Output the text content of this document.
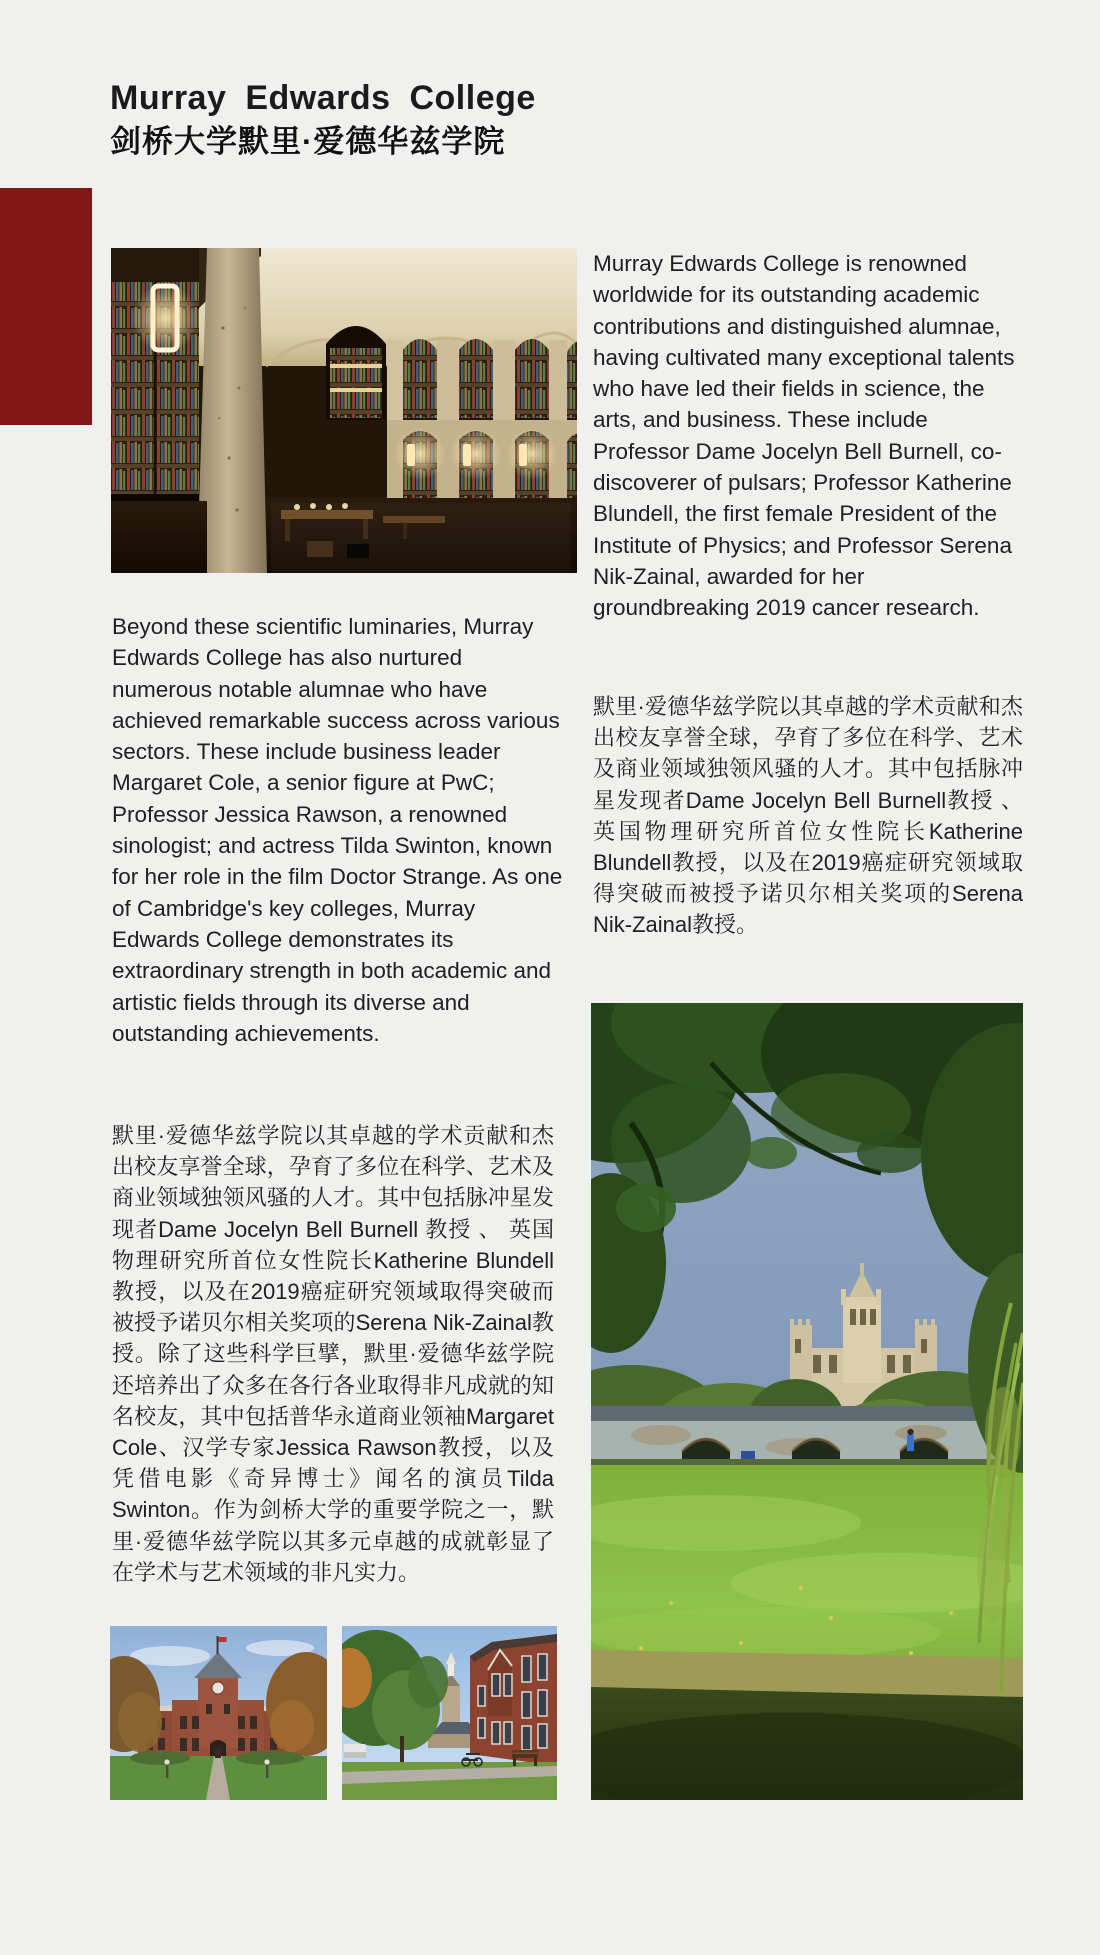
Murray Edwards College
剑桥大学默里·爱德华兹学院

Beyond these scientific luminaries, Murray Edwards College has also nurtured numerous notable alumnae who have achieved remarkable success across various sectors. These include business leader Margaret Cole, a senior figure at PwC; Professor Jessica Rawson, a renowned sinologist; and actress Tilda Swinton, known for her role in the film Doctor Strange. As one of Cambridge's key colleges, Murray Edwards College demonstrates its extraordinary strength in both academic and artistic fields through its diverse and outstanding achievements.

默里·爱德华兹学院以其卓越的学术贡献和杰出校友享誉全球，孕育了多位在科学、艺术及商业领域独领风骚的人才。其中包括脉冲星发现者Dame Jocelyn Bell Burnell 教授 、 英国物理研究所首位女性院长Katherine Blundell教授，以及在2019癌症研究领域取得突破而被授予诺贝尔相关奖项的Serena Nik-Zainal教授。除了这些科学巨擘，默里·爱德华兹学院还培养出了众多在各行各业取得非凡成就的知名校友，其中包括普华永道商业领袖Margaret Cole、汉学专家Jessica Rawson教授，以及凭借电影《奇异博士》闻名的演员Tilda Swinton。作为剑桥大学的重要学院之一，默里·爱德华兹学院以其多元卓越的成就彰显了在学术与艺术领域的非凡实力。

Murray Edwards College is renowned worldwide for its outstanding academic contributions and distinguished alumnae, having cultivated many exceptional talents who have led their fields in science, the arts, and business. These include Professor Dame Jocelyn Bell Burnell, co-discoverer of pulsars; Professor Katherine Blundell, the first female President of the Institute of Physics; and Professor Serena Nik-Zainal, awarded for her groundbreaking 2019 cancer research.

默里·爱德华兹学院以其卓越的学术贡献和杰出校友享誉全球，孕育了多位在科学、艺术及商业领域独领风骚的人才。其中包括脉冲星发现者Dame Jocelyn Bell Burnell教授 、 英国物理研究所首位女性院长Katherine Blundell教授，以及在2019癌症研究领域取得突破而被授予诺贝尔相关奖项的Serena Nik-Zainal教授。
